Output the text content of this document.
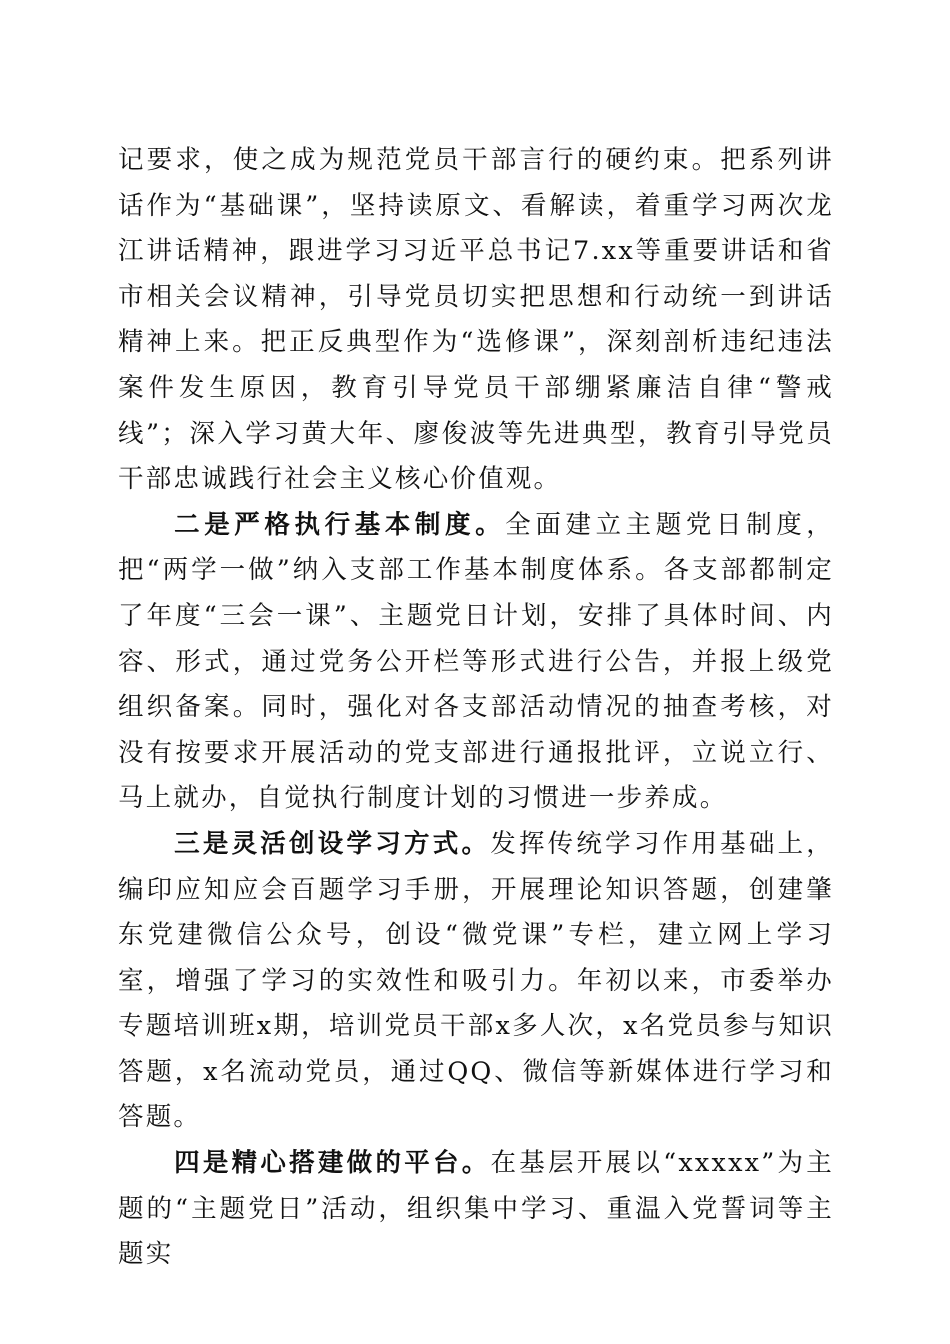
记要求，使之成为规范党员干部言行的硬约束。把系列讲话作为“基础课”，坚持读原文、看解读，着重学习两次龙江讲话精神，跟进学习习近平总书记7.xx等重要讲话和省市相关会议精神，引导党员切实把思想和行动统一到讲话精神上来。把正反典型作为“选修课”，深刻剖析违纪违法案件发生原因，教育引导党员干部绷紧廉洁自律“警戒线”；深入学习黄大年、廖俊波等先进典型，教育引导党员干部忠诚践行社会主义核心价值观。

二是严格执行基本制度。全面建立主题党日制度，把“两学一做”纳入支部工作基本制度体系。各支部都制定了年度“三会一课”、主题党日计划，安排了具体时间、内容、形式，通过党务公开栏等形式进行公告，并报上级党组织备案。同时，强化对各支部活动情况的抽查考核，对没有按要求开展活动的党支部进行通报批评，立说立行、马上就办，自觉执行制度计划的习惯进一步养成。

三是灵活创设学习方式。发挥传统学习作用基础上，编印应知应会百题学习手册，开展理论知识答题，创建肇东党建微信公众号，创设“微党课”专栏，建立网上学习室，增强了学习的实效性和吸引力。年初以来，市委举办专题培训班x期，培训党员干部x多人次，x名党员参与知识答题，x名流动党员，通过QQ、微信等新媒体进行学习和答题。

四是精心搭建做的平台。在基层开展以“xxxxx”为主题的“主题党日”活动，组织集中学习、重温入党誓词等主题实
